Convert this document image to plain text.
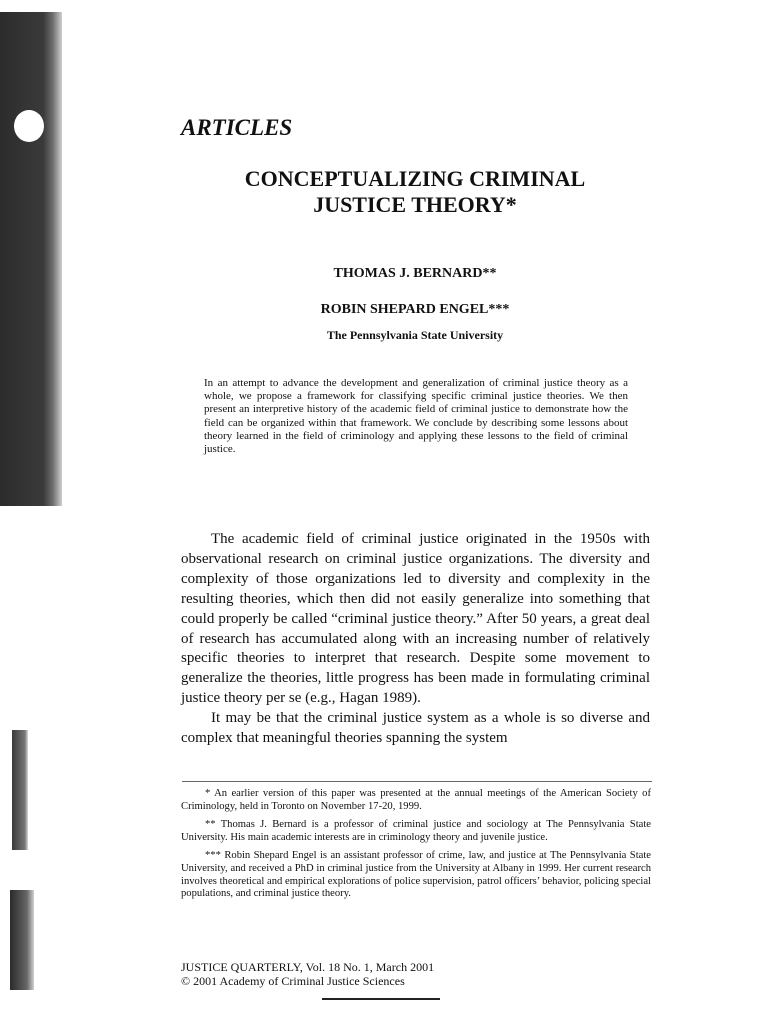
ARTICLES
CONCEPTUALIZING CRIMINAL
JUSTICE THEORY*
THOMAS J. BERNARD**
ROBIN SHEPARD ENGEL***
The Pennsylvania State University

In an attempt to advance the development and generalization of criminal justice theory as a whole, we propose a framework for classifying specific criminal justice theories. We then present an interpretive history of the academic field of criminal justice to demonstrate how the field can be organized within that framework. We conclude by describing some lessons about theory learned in the field of criminology and applying these lessons to the field of criminal justice.

The academic field of criminal justice originated in the 1950s with observational research on criminal justice organizations. The diversity and complexity of those organizations led to diversity and complexity in the resulting theories, which then did not easily generalize into something that could properly be called “criminal justice theory.” After 50 years, a great deal of research has accumulated along with an increasing number of relatively specific theories to interpret that research. Despite some movement to generalize the theories, little progress has been made in formulating criminal justice theory per se (e.g., Hagan 1989).

It may be that the criminal justice system as a whole is so diverse and complex that meaningful theories spanning the system

* An earlier version of this paper was presented at the annual meetings of the American Society of Criminology, held in Toronto on November 17-20, 1999.

** Thomas J. Bernard is a professor of criminal justice and sociology at The Pennsylvania State University. His main academic interests are in criminology theory and juvenile justice.

*** Robin Shepard Engel is an assistant professor of crime, law, and justice at The Pennsylvania State University, and received a PhD in criminal justice from the University at Albany in 1999. Her current research involves theoretical and empirical explorations of police supervision, patrol officers’ behavior, policing special populations, and criminal justice theory.

JUSTICE QUARTERLY, Vol. 18 No. 1, March 2001
© 2001 Academy of Criminal Justice Sciences
